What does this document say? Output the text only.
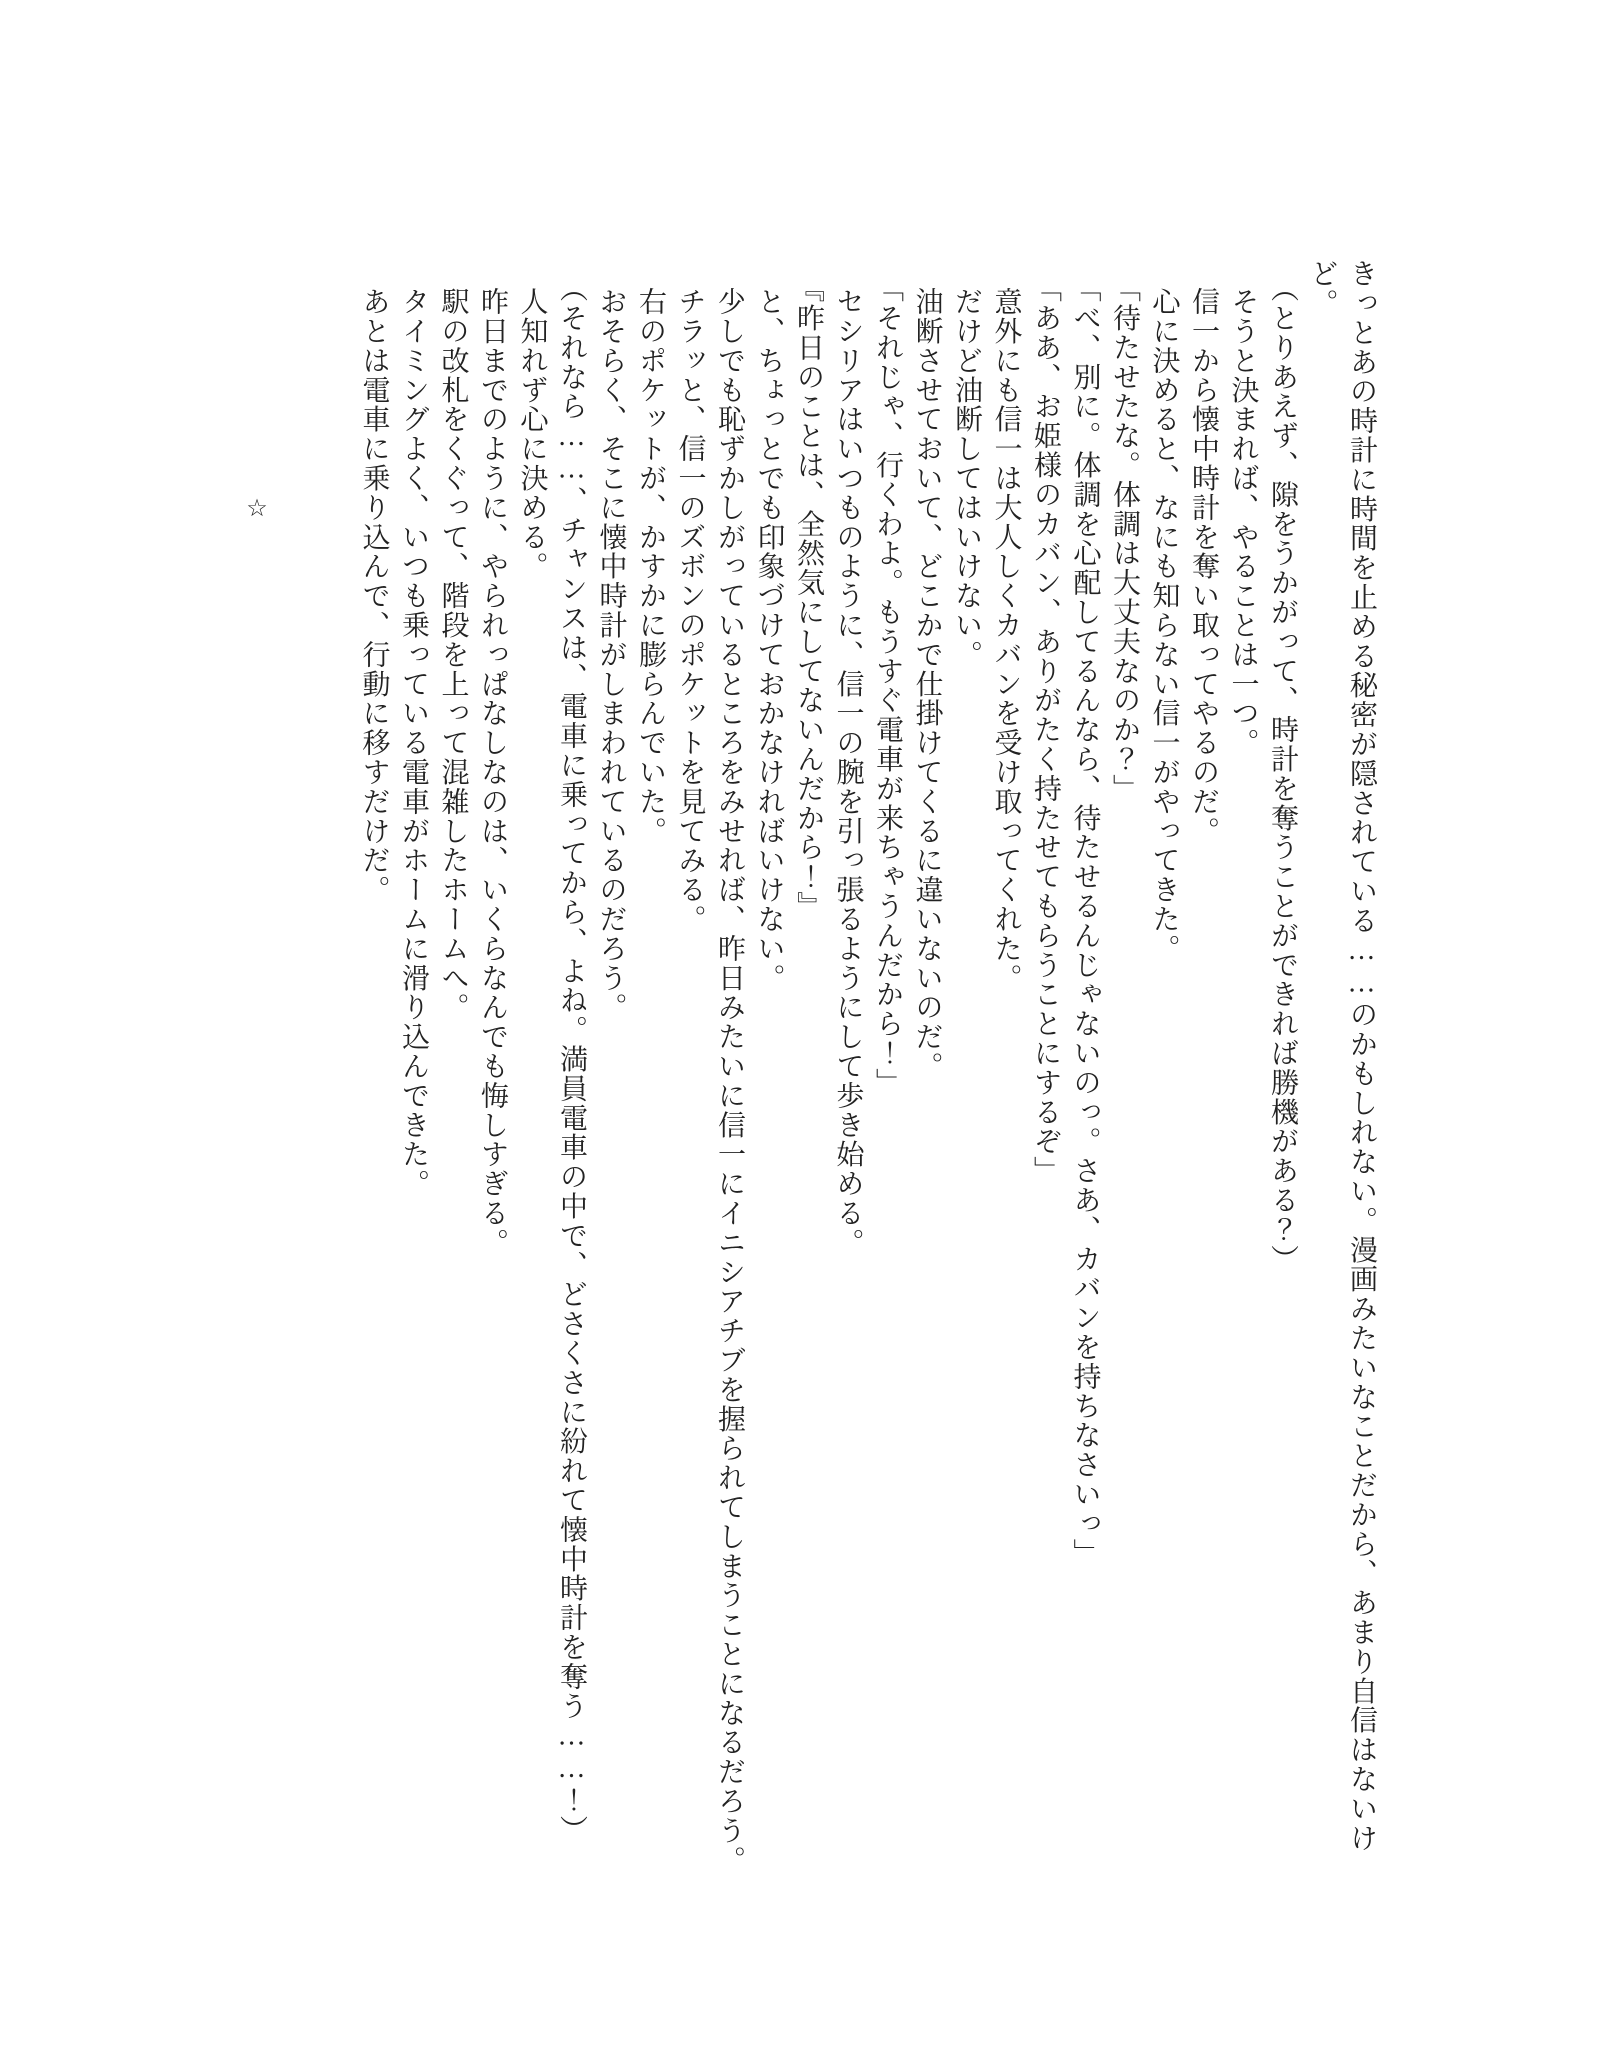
きっとあの時計に時間を止める秘密が隠されている……のかもしれない。漫画みたいなことだから、あまり自信はないけ

ど。

（とりあえず、隙をうかがって、時計を奪うことができれば勝機がある？）

そうと決まれば、やることは一つ。

信一から懐中時計を奪い取ってやるのだ。

心に決めると、なにも知らない信一がやってきた。

「待たせたな。体調は大丈夫なのか？」

「べ、別に。体調を心配してるんなら、待たせるんじゃないのっ。さあ、カバンを持ちなさいっ」

「ああ、お姫様のカバン、ありがたく持たせてもらうことにするぞ」

意外にも信一は大人しくカバンを受け取ってくれた。

だけど油断してはいけない。

油断させておいて、どこかで仕掛けてくるに違いないのだ。

「それじゃ、行くわよ。もうすぐ電車が来ちゃうんだから！」

セシリアはいつものように、信一の腕を引っ張るようにして歩き始める。

『昨日のことは、全然気にしてないんだから！』

と、ちょっとでも印象づけておかなければいけない。

少しでも恥ずかしがっているところをみせれば、昨日みたいに信一にイニシアチブを握られてしまうことになるだろう。

チラッと、信一のズボンのポケットを見てみる。

右のポケットが、かすかに膨らんでいた。

おそらく、そこに懐中時計がしまわれているのだろう。

（それなら……、チャンスは、電車に乗ってから、よね。満員電車の中で、どさくさに紛れて懐中時計を奪う……！）

人知れず心に決める。

昨日までのように、やられっぱなしなのは、いくらなんでも悔しすぎる。

駅の改札をくぐって、階段を上って混雑したホームへ。

タイミングよく、いつも乗っている電車がホームに滑り込んできた。

あとは電車に乗り込んで、行動に移すだけだ。

☆
